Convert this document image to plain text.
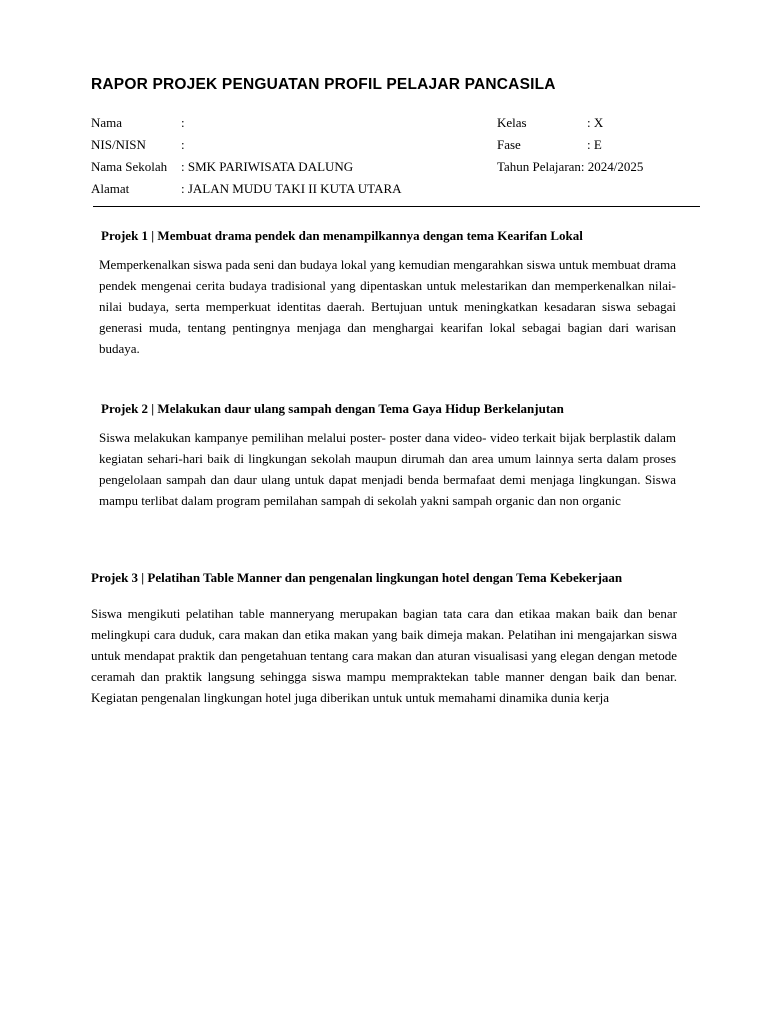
RAPOR PROJEK PENGUATAN PROFIL PELAJAR PANCASILA
Nama	:
NIS/NISN	:
Nama Sekolah : SMK PARIWISATA DALUNG
Alamat	: JALAN MUDU TAKI II KUTA UTARA
Kelas	: X
Fase	: E
Tahun Pelajaran: 2024/2025
Projek 1 | Membuat drama pendek dan menampilkannya dengan tema Kearifan Lokal
Memperkenalkan siswa pada seni dan budaya lokal yang kemudian mengarahkan siswa untuk membuat drama pendek mengenai cerita budaya tradisional yang dipentaskan untuk melestarikan dan memperkenalkan nilai-nilai budaya, serta memperkuat identitas daerah. Bertujuan untuk meningkatkan kesadaran siswa sebagai generasi muda, tentang pentingnya menjaga dan menghargai kearifan lokal sebagai bagian dari warisan budaya.
Projek 2 | Melakukan daur ulang sampah dengan Tema Gaya Hidup Berkelanjutan
Siswa melakukan kampanye pemilihan melalui poster- poster dana video- video terkait bijak berplastik dalam kegiatan sehari-hari baik di lingkungan sekolah maupun dirumah dan area umum lainnya serta dalam proses pengelolaan sampah dan daur ulang untuk dapat menjadi benda bermafaat demi menjaga lingkungan. Siswa mampu terlibat dalam program pemilahan sampah di sekolah yakni sampah organic dan non organic
Projek 3 | Pelatihan Table Manner dan pengenalan lingkungan hotel dengan Tema Kebekerjaan
Siswa mengikuti pelatihan table manneryang merupakan bagian tata cara dan etikaa makan baik dan benar melingkupi cara duduk, cara makan dan etika makan yang baik dimeja makan. Pelatihan ini mengajarkan siswa untuk mendapat praktik dan pengetahuan tentang cara makan dan aturan visualisasi yang elegan dengan metode ceramah dan praktik langsung sehingga siswa mampu mempraktekan table manner dengan baik dan benar. Kegiatan pengenalan lingkungan hotel juga diberikan untuk untuk memahami dinamika dunia kerja
